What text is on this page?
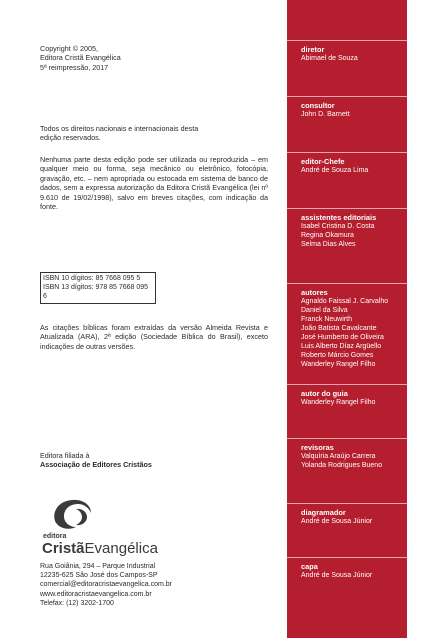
Copyright © 2005,

Editora Cristã Evangélica

5ª reimpressão, 2017

Todos os direitos nacionais e internacionais desta

edição reservados.

Nenhuma parte desta edição pode ser utilizada ou reproduzida – em qualquer meio ou forma, seja mecânico ou eletrônico, fotocópia, gravação, etc. – nem apropriada ou estocada em sistema de banco de dados, sem a expressa autorização da Editora Cristã Evangélica (lei nº 9.610 de 19/02/1998), salvo em breves citações, com indicação da fonte.
ISBN 10 dígitos: 85 7668 095 5
ISBN 13 dígitos: 978 85 7668 095 6
As citações bíblicas foram extraídas da versão Almeida Revista e Atualizada (ARA), 2ª edição (Sociedade Bíblica do Brasil), exceto indicações de outras versões.

Editora filiada à

Associação de Editores Cristãos

editora
CristãEvangélica
Rua Goiânia, 294 – Parque Industrial
12235-625 São José dos Campos-SP
comercial@editoracristaevangelica.com.br
www.editoracristaevangelica.com.br
Telefax: (12) 3202-1700
diretor
Abimael de Souza
consultor
John D. Barnett
editor-Chefe
André de Souza Lima
assistentes editoriais
Isabel Cristina D. Costa
Regina Okamura
Selma Dias Alves
autores
Agnaldo Faissal J. Carvalho
Daniel da Silva
Franck Neuwirth
João Batista Cavalcante
José Humberto de Oliveira
Luis Alberto Díaz Argüello
Roberto Márcio Gomes
Wanderley Rangel Filho
autor do guia
Wanderley Rangel Filho
revisoras
Valquíria Araújo Carrera
Yolanda Rodrigues Bueno
diagramador
André de Sousa Júnior
capa
André de Sousa Júnior
